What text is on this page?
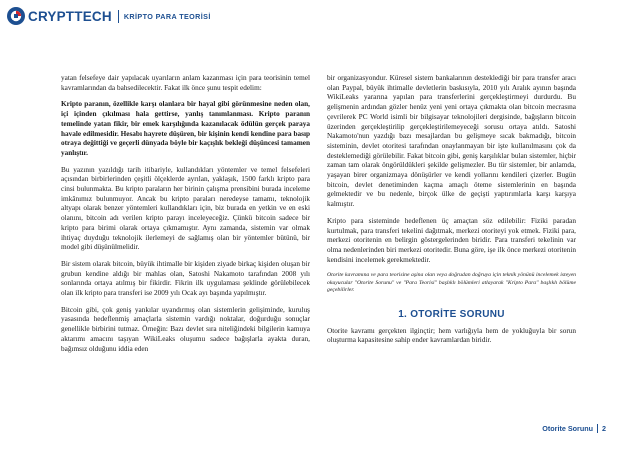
CRYPTTECH KRİPTO PARA TEORİSİ

yatan felsefeye dair yapılacak uyarıların anlam kazanması için para teorisinin temel kavramlarından da bahsedilecektir. Fakat ilk önce şunu tespit edelim:

Kripto paranın, özellikle karşı olanlara bir hayal gibi görünmesine neden olan, içi içinden çıkılması hala gettirse, yanlış tanımlanması. Kripto paranın temelinde yatan fikir, bir emek karşılığında kazanılacak ödülün gerçek paraya havale edilmesidir. Hesabı hayrete düşüren, bir kişinin kendi kendine para basıp otraya değittiği ve geçerli dünyada böyle bir kaçışlık bekleği düşüncesi tamamen yanlıştır.

Bu yazının yazıldığı tarih itibariyle, kullandıkları yöntemler ve temel felsefeleri açısından birbirlerinden çeşitli ölçeklerde ayrılan, yaklaşık, 1500 farklı kripto para cinsi bulunmakta. Bu kripto paraların her birinin çalışma prensibini burada inceleme imkânımız bulunmuyor. Ancak bu kripto paraları neredeyse tamamı, teknolojik altyapı olarak benzer yöntemleri kullandıkları için, biz burada en yetkin ve en eski olanını, bitcoin adı verilen kripto parayı inceleyeceğiz. Çünkü bitcoin sadece bir kripto para birimi olarak ortaya çıkmamıştır. Aynı zamanda, sistemin var olmak ihtiyaç duyduğu teknolojik ilerlemeyi de sağlamış olan bir yöntemler bütünü, bir model gibi düşünülmelidir.

Bir sistem olarak bitcoin, büyük ihtimalle bir kişiden ziyade birkaç kişiden oluşan bir grubun kendine aldığı bir mahlas olan, Satoshi Nakamoto tarafından 2008 yılı sonlarında ortaya atılmış bir fikirdir. Fikrin ilk uygulaması şeklinde görülebilecek olan ilk kripto para transferi ise 2009 yılı Ocak ayı başında yapılmıştır.

Bitcoin gibi, çok geniş yankılar uyandırmış olan sistemlerin gelişiminde, kuruluş yasasında hedeflenmiş amaçlarla sistemin vardığı noktalar, doğurduğu sonuçlar genellikle birbirini tutmaz. Örneğin: Bazı devlet sıra niteliğindeki bilgilerin kamuya aktarımı amacını taşıyan WikiLeaks oluşumu sadece bağışlarla ayakta duran, bağımsız olduğunu iddia eden

bir organizasyondur. Küresel sistem bankalarının desteklediği bir para transfer aracı olan Paypal, büyük ihtimalle devletlerin baskısıyla, 2010 yılı Aralık ayının başında WikiLeaks yararına yapılan para transferlerini gerçekleştirmeyi durdurdu. Bu gelişmenin ardından gözler henüz yeni yeni ortaya çıkmakta olan bitcoin mecrasına çevrilerek PC World isimli bir bilgisayar teknolojileri dergisinde, bağışların bitcoin üzerinden gerçekleştirilip gerçekleştirilemeyeceği sorusu ortaya atıldı. Satoshi Nakamoto'nun yazdığı bazı mesajlardan bu gelişmeye sıcak bakmadığı, bitcoin sisteminin, devlet otoritesi tarafından onaylanmayan bir işte kullanılmasını çok da desteklemediği görülebilir. Fakat bitcoin gibi, geniş karşılıklar bulan sistemler, hiçbir zaman tam olarak öngörüldükleri şekilde gelişmezler. Bu tür sistemler, bir anlamda, yaşayan birer organizmaya dönüşürler ve kendi yollarını kendileri çizerler. Bugün bitcoin, devlet denetiminden kaçma amaçlı öteme sistemlerinin en başında gelmektedir ve bu nedenle, birçok ülke de geçişti yaptırımlarla karşı karşıya kalmıştır.

Kripto para sisteminde hedeflenen üç amaçtan söz edilebilir: Fiziki paradan kurtulmak, para transferi tekelini dağıtmak, merkezi otoriteyi yok etmek. Fiziki para, merkezi otoritenin en belirgin göstergelerinden biridir. Para transferi tekelinin var olma nedenlerinden biri merkezi otoritedir. Buna göre, işe ilk önce merkezi otoritenin kendisini incelemek gerekmektedir.

Otorite kavramına ve para teorisine aşina olan veya doğrudan doğruya için teknik yönünü incelemek isteyen okuyucular "Otorite Sorunu" ve "Para Teorisi" başlıklı bölümleri atlayarak "Kripto Para" başlıklı bölüme geçebilirler.

1. OTORİTE SORUNU

Otorite kavramı gerçekten ilginçtir; hem varlığıyla hem de yokluğuyla bir sorun oluşturma kapasitesine sahip ender kavramlardan biridir.

Otorite Sorunu 2
